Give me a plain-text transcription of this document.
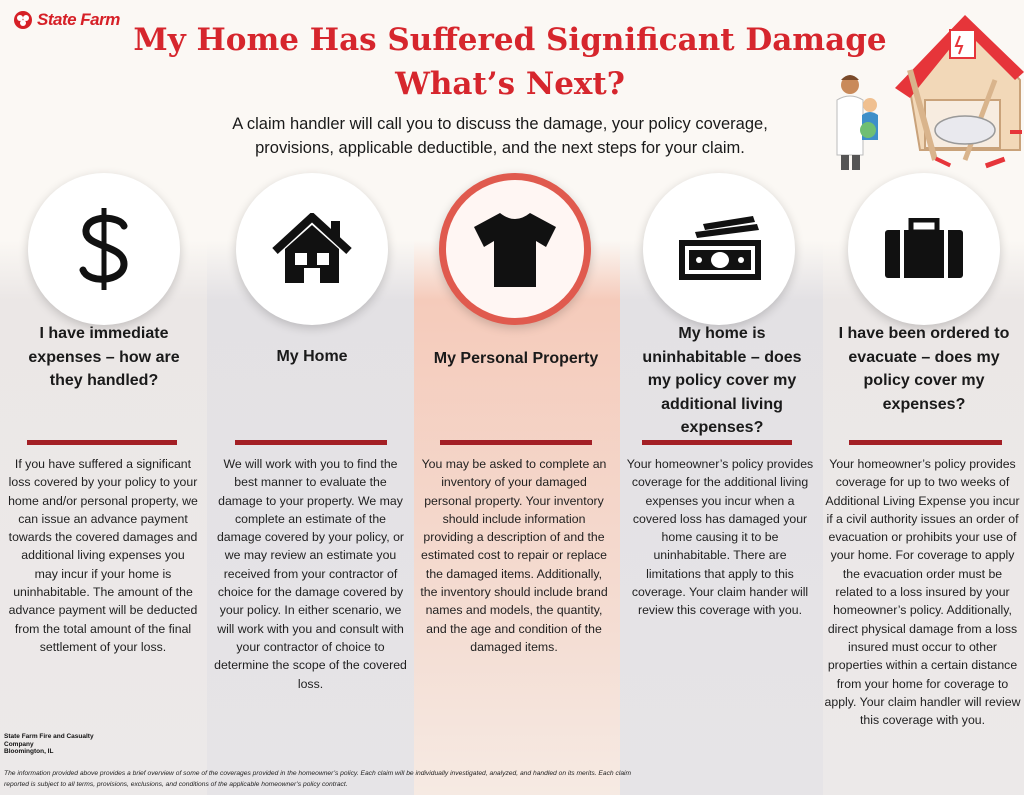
State Farm
My Home Has Suffered Significant Damage
What’s Next?
A claim handler will call you to discuss the damage, your policy coverage,
provisions, applicable deductible, and the next steps for your claim.
I have immediate expenses – how are they handled?
If you have suffered a significant loss covered by your policy to your home and/or personal property, we can issue an advance payment towards the covered damages and additional living expenses you may incur if your home is uninhabitable. The amount of the advance payment will be deducted from the total amount of the final settlement of your loss.
My Home
We will work with you to find the best manner to evaluate the damage to your property. We may complete an estimate of the damage covered by your policy, or we may review an estimate you received from your contractor of choice for the damage covered by your policy. In either scenario, we will work with you and consult with your contractor of choice to determine the scope of the covered loss.
My Personal Property
You may be asked to complete an inventory of your damaged personal property. Your inventory should include information providing a description of and the estimated cost to repair or replace the damaged items. Additionally, the inventory should include brand names and models, the quantity, and the age and condition of the damaged items.
My home is uninhabitable – does my policy cover my additional living expenses?
Your homeowner’s policy provides coverage for the additional living expenses you incur when a covered loss has damaged your home causing it to be uninhabitable. There are limitations that apply to this coverage. Your claim hander will review this coverage with you.
I have been ordered to evacuate – does my policy cover my expenses?
Your homeowner’s policy provides coverage for up to two weeks of Additional Living Expense you incur if a civil authority issues an order of evacuation or prohibits your use of your home. For coverage to apply the evacuation order must be related to a loss insured by your homeowner’s policy. Additionally, direct physical damage from a loss insured must occur to other properties within a certain distance from your home for coverage to apply. Your claim handler will review this coverage with you.
State Farm Fire and Casualty
Company
Bloomington, IL
The information provided above provides a brief overview of some of the coverages provided in the homeowner’s policy. Each claim will be individually investigated, analyzed, and handled on its merits. Each claim reported is subject to all terms, provisions, exclusions, and conditions of the applicable homeowner’s policy contract.
